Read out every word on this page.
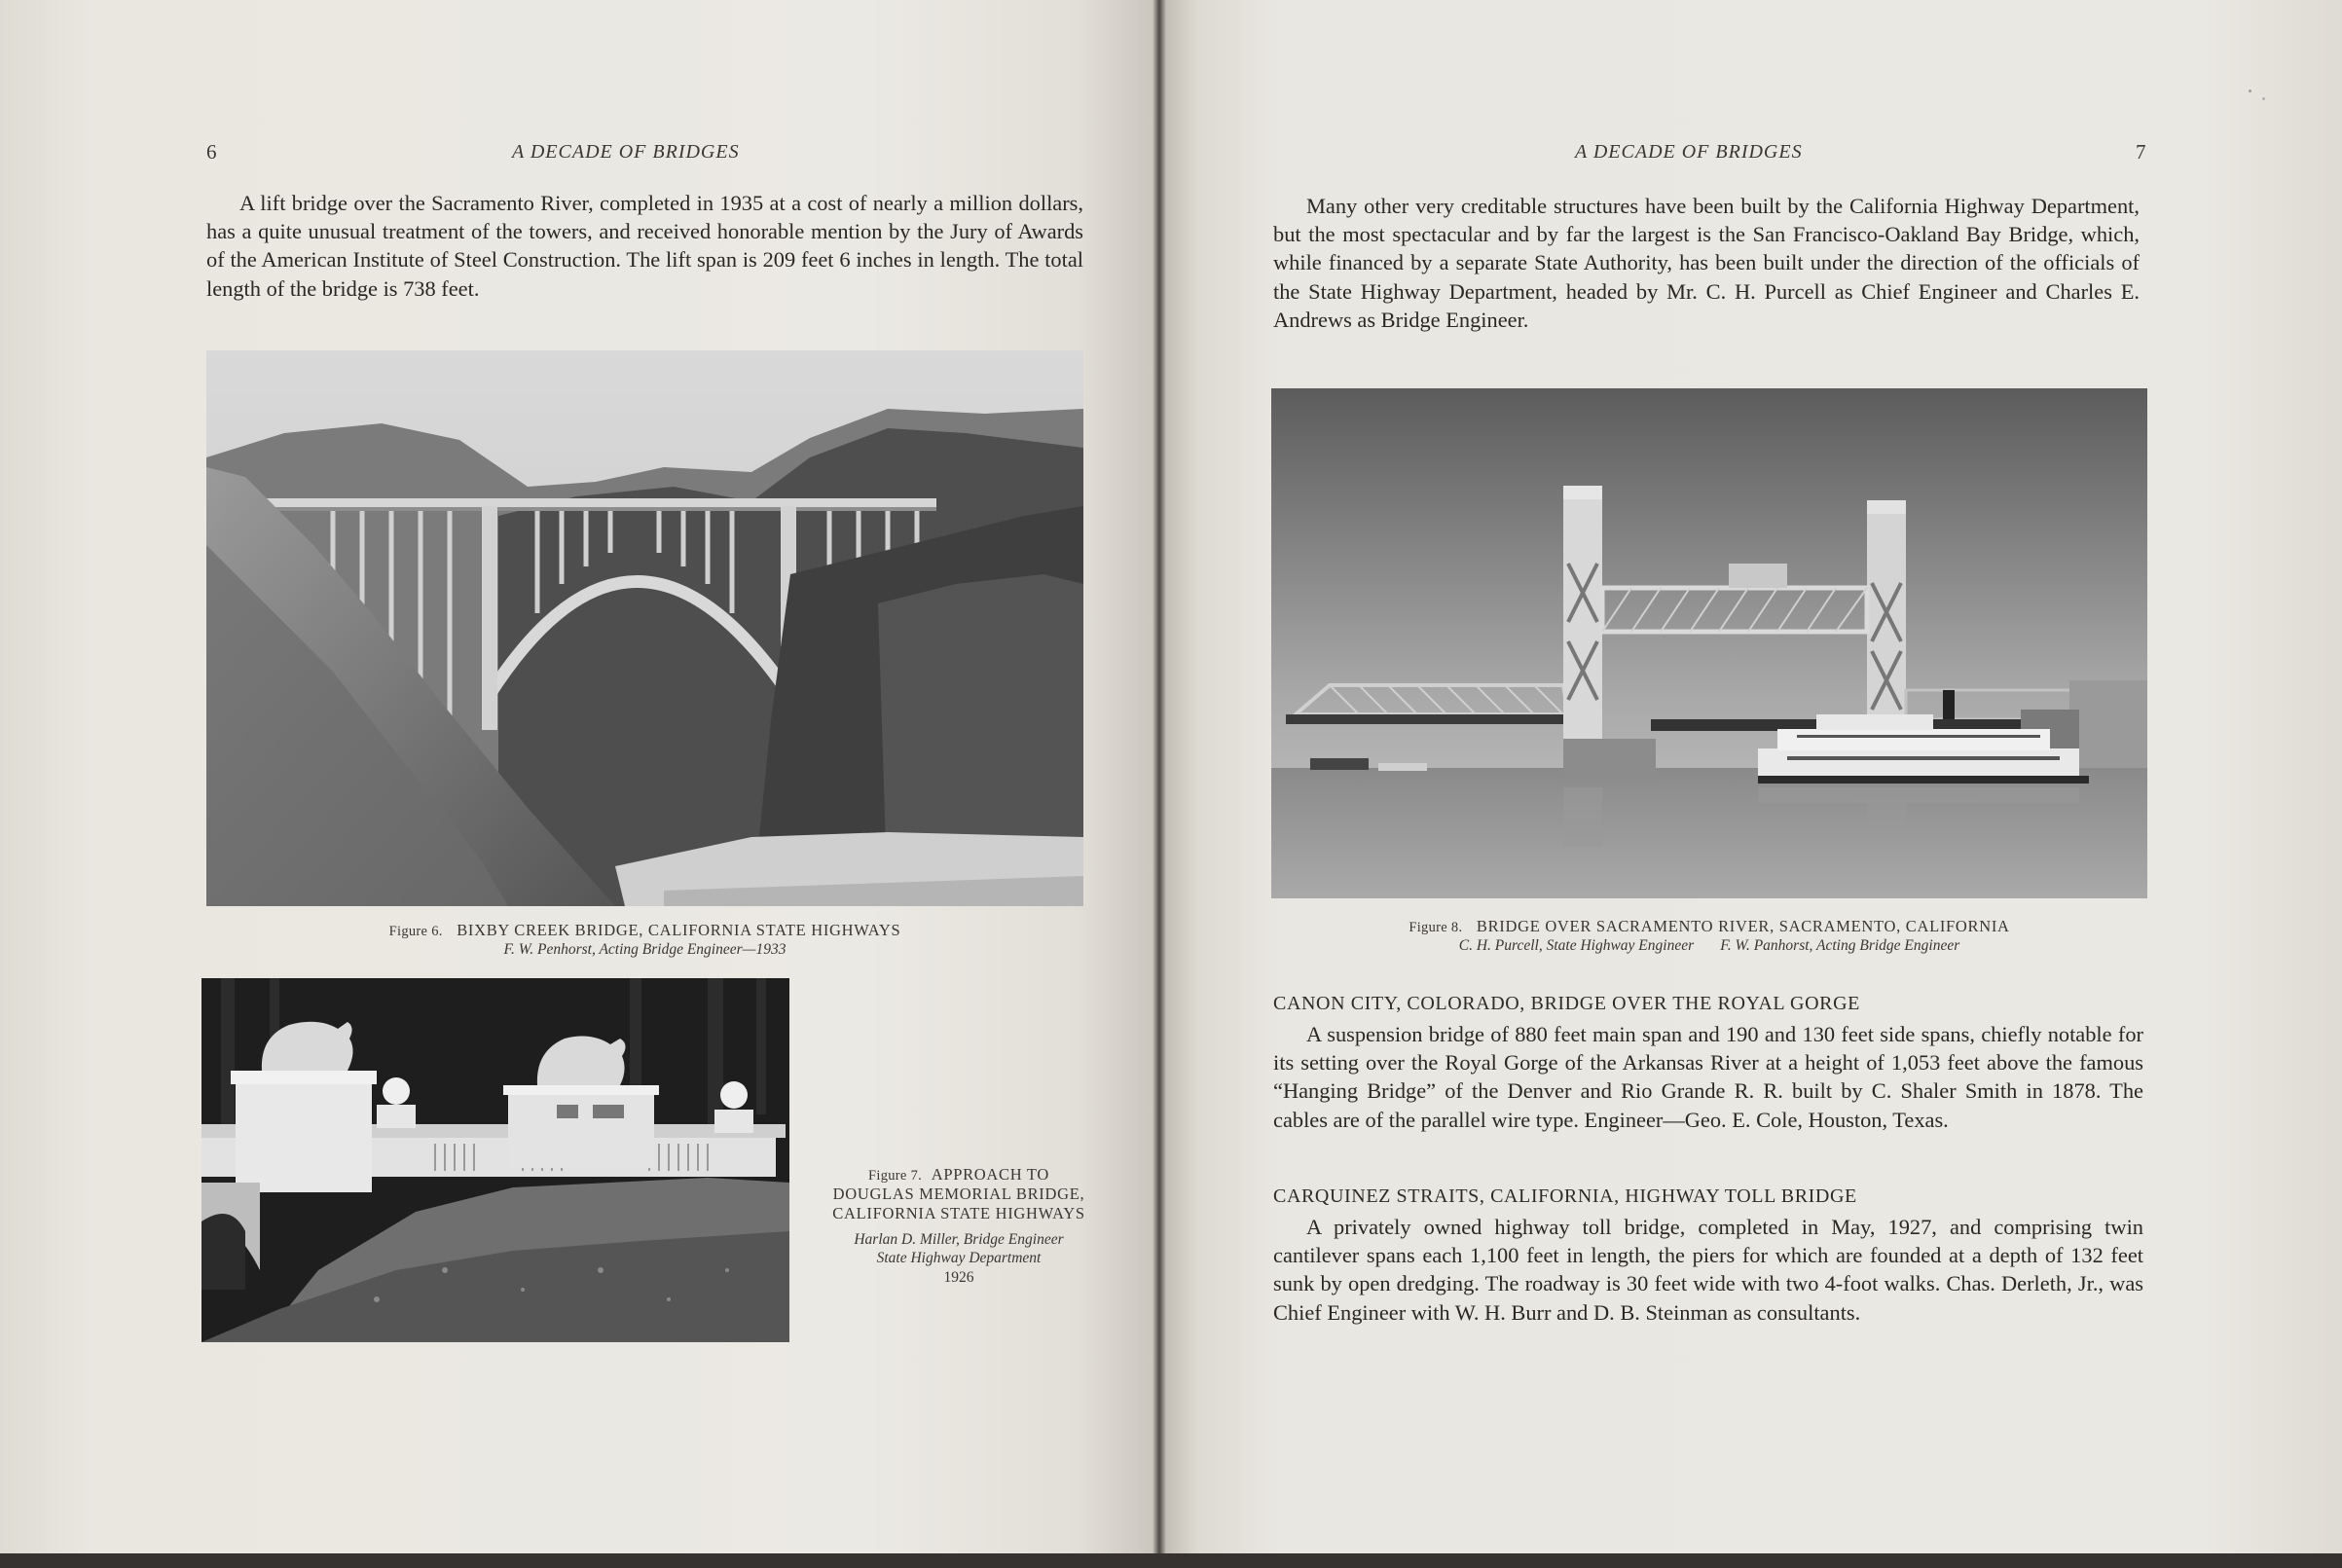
6	A DECADE OF BRIDGES

A lift bridge over the Sacramento River, completed in 1935 at a cost of nearly a million dollars, has a quite unusual treatment of the towers, and received honorable mention by the Jury of Awards of the American Institute of Steel Construction. The lift span is 209 feet 6 inches in length. The total length of the bridge is 738 feet.

Figure 6. BIXBY CREEK BRIDGE, CALIFORNIA STATE HIGHWAYS
F. W. Penhorst, Acting Bridge Engineer—1933
Figure 7. APPROACH TO
DOUGLAS MEMORIAL BRIDGE,
CALIFORNIA STATE HIGHWAYS
Harlan D. Miller, Bridge Engineer
State Highway Department
1926
A DECADE OF BRIDGES	7

Many other very creditable structures have been built by the California Highway Department, but the most spectacular and by far the largest is the San Francisco-Oakland Bay Bridge, which, while financed by a separate State Authority, has been built under the direction of the officials of the State Highway Department, headed by Mr. C. H. Purcell as Chief Engineer and Charles E. Andrews as Bridge Engineer.

Figure 8. BRIDGE OVER SACRAMENTO RIVER, SACRAMENTO, CALIFORNIA
C. H. Purcell, State Highway Engineer F. W. Panhorst, Acting Bridge Engineer
CANON CITY, COLORADO, BRIDGE OVER THE ROYAL GORGE

A suspension bridge of 880 feet main span and 190 and 130 feet side spans, chiefly notable for its setting over the Royal Gorge of the Arkansas River at a height of 1,053 feet above the famous “Hanging Bridge” of the Denver and Rio Grande R. R. built by C. Shaler Smith in 1878. The cables are of the parallel wire type. Engineer—Geo. E. Cole, Houston, Texas.

CARQUINEZ STRAITS, CALIFORNIA, HIGHWAY TOLL BRIDGE

A privately owned highway toll bridge, completed in May, 1927, and comprising twin cantilever spans each 1,100 feet in length, the piers for which are founded at a depth of 132 feet sunk by open dredging. The roadway is 30 feet wide with two 4-foot walks. Chas. Derleth, Jr., was Chief Engineer with W. H. Burr and D. B. Steinman as consultants.
